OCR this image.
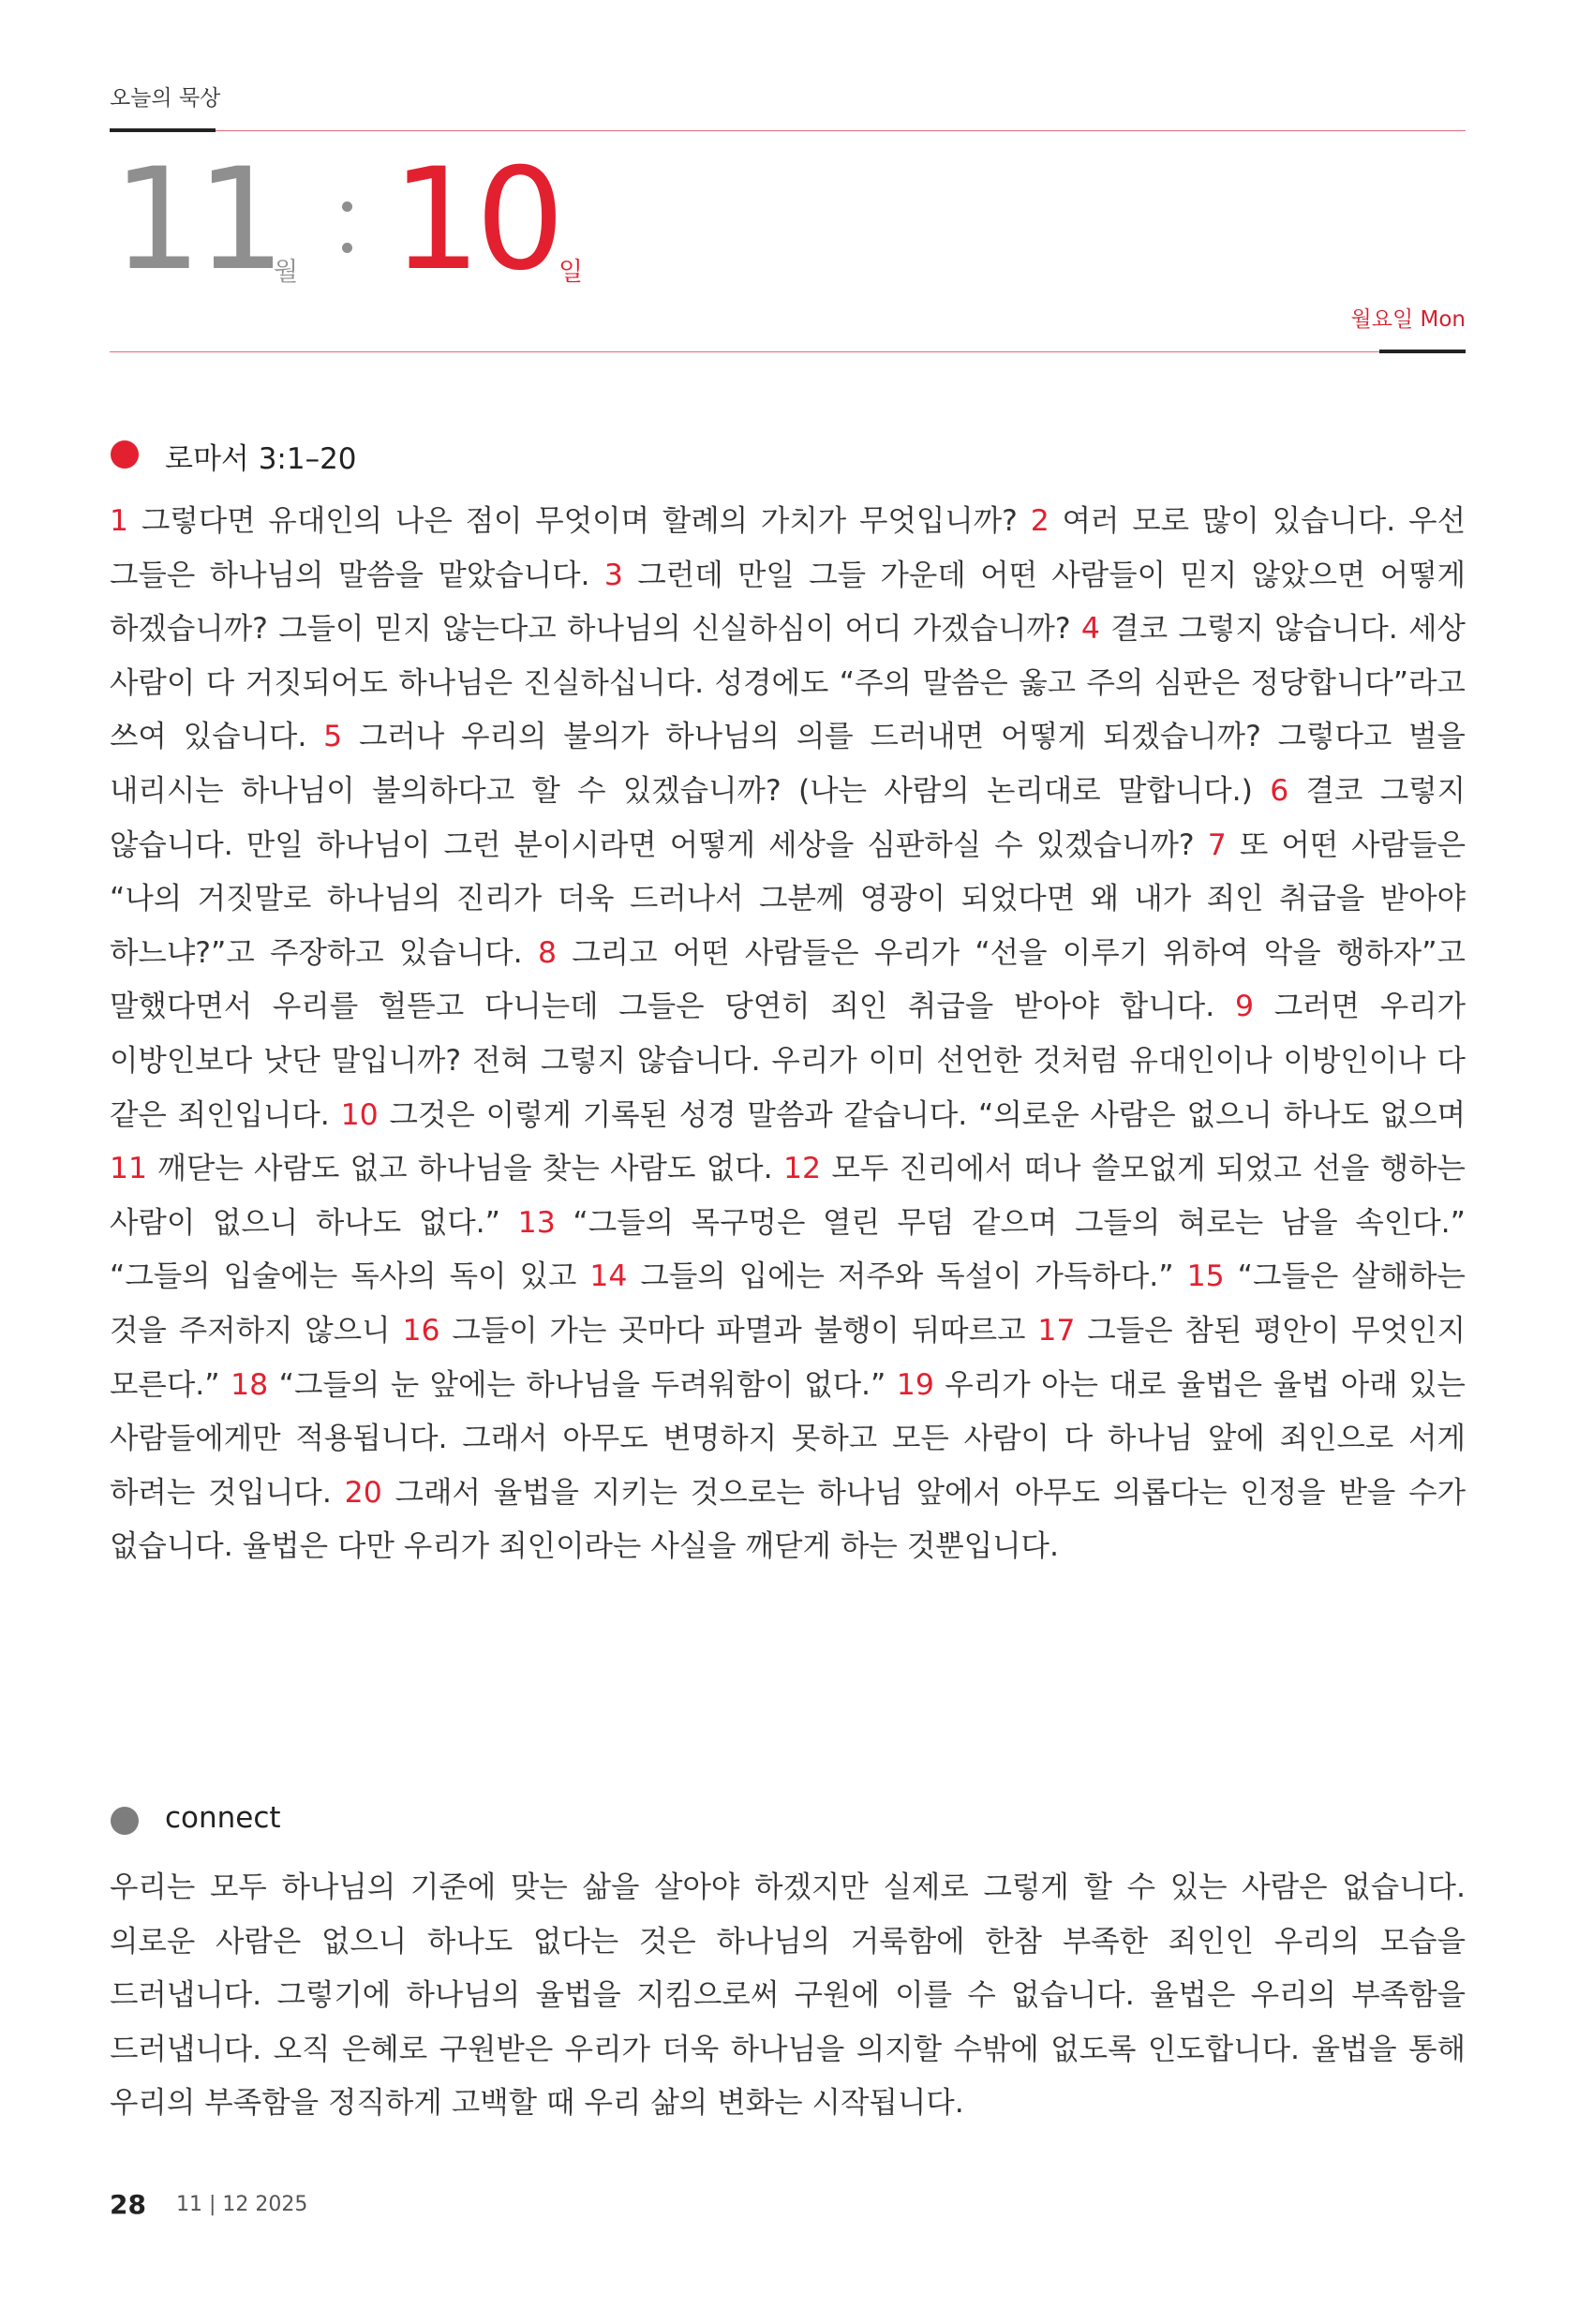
오늘의 묵상
11
월 10 일
월요일 Mon
로마서 3:1–20
1 그렇다면 유대인의 나은 점이 무엇이며 할례의 가치가 무엇입니까? 2 여러 모로 많이 있습니다. 우선 그들은 하나님의 말씀을 맡았습니다. 3 그런데 만일 그들 가운데 어떤 사람들이 믿지 않았으면 어떻게 하겠습니까? 그들이 믿지 않는다고 하나님의 신실하심이 어디 가겠습니까? 4 결코 그렇지 않습니다. 세상 사람이 다 거짓되어도 하나님은 진실하십니다. 성경에도 “주의 말씀은 옳고 주의 심판은 정당합니다”라고 쓰여 있습니다. 5 그러나 우리의 불의가 하나님의 의를 드러내면 어떻게 되겠습니까? 그렇다고 벌을 내리시는 하나님이 불의하다고 할 수 있겠습니까? (나는 사람의 논리대로 말합니다.) 6 결코 그렇지 않습니다. 만일 하나님이 그런 분이시라면 어떻게 세상을 심판하실 수 있겠습니까? 7 또 어떤 사람들은 “나의 거짓말로 하나님의 진리가 더욱 드러나서 그분께 영광이 되었다면 왜 내가 죄인 취급을 받아야 하느냐?”고 주장하고 있습니다. 8 그리고 어떤 사람들은 우리가 “선을 이루기 위하여 악을 행하자”고 말했다면서 우리를 헐뜯고 다니는데 그들은 당연히 죄인 취급을 받아야 합니다. 9 그러면 우리가 이방인보다 낫단 말입니까? 전혀 그렇지 않습니다. 우리가 이미 선언한 것처럼 유대인이나 이방인이나 다 같은 죄인입니다. 10 그것은 이렇게 기록된 성경 말씀과 같습니다. “의로운 사람은 없으니 하나도 없으며 11 깨닫는 사람도 없고 하나님을 찾는 사람도 없다. 12 모두 진리에서 떠나 쓸모없게 되었고 선을 행하는 사람이 없으니 하나도 없다.” 13 “그들의 목구멍은 열린 무덤 같으며 그들의 혀로는 남을 속인다.” “그들의 입술에는 독사의 독이 있고 14 그들의 입에는 저주와 독설이 가득하다.” 15 “그들은 살해하는 것을 주저하지 않으니 16 그들이 가는 곳마다 파멸과 불행이 뒤따르고 17 그들은 참된 평안이 무엇인지 모른다.” 18 “그들의 눈 앞에는 하나님을 두려워함이 없다.” 19 우리가 아는 대로 율법은 율법 아래 있는 사람들에게만 적용됩니다. 그래서 아무도 변명하지 못하고 모든 사람이 다 하나님 앞에 죄인으로 서게 하려는 것입니다. 20 그래서 율법을 지키는 것으로는 하나님 앞에서 아무도 의롭다는 인정을 받을 수가 없습니다. 율법은 다만 우리가 죄인이라는 사실을 깨닫게 하는 것뿐입니다.
connect
우리는 모두 하나님의 기준에 맞는 삶을 살아야 하겠지만 실제로 그렇게 할 수 있는 사람은 없습니다. 의로운 사람은 없으니 하나도 없다는 것은 하나님의 거룩함에 한참 부족한 죄인인 우리의 모습을 드러냅니다. 그렇기에 하나님의 율법을 지킴으로써 구원에 이를 수 없습니다. 율법은 우리의 부족함을 드러냅니다. 오직 은혜로 구원받은 우리가 더욱 하나님을 의지할 수밖에 없도록 인도합니다. 율법을 통해 우리의 부족함을 정직하게 고백할 때 우리 삶의 변화는 시작됩니다.
28 11 | 12 2025
